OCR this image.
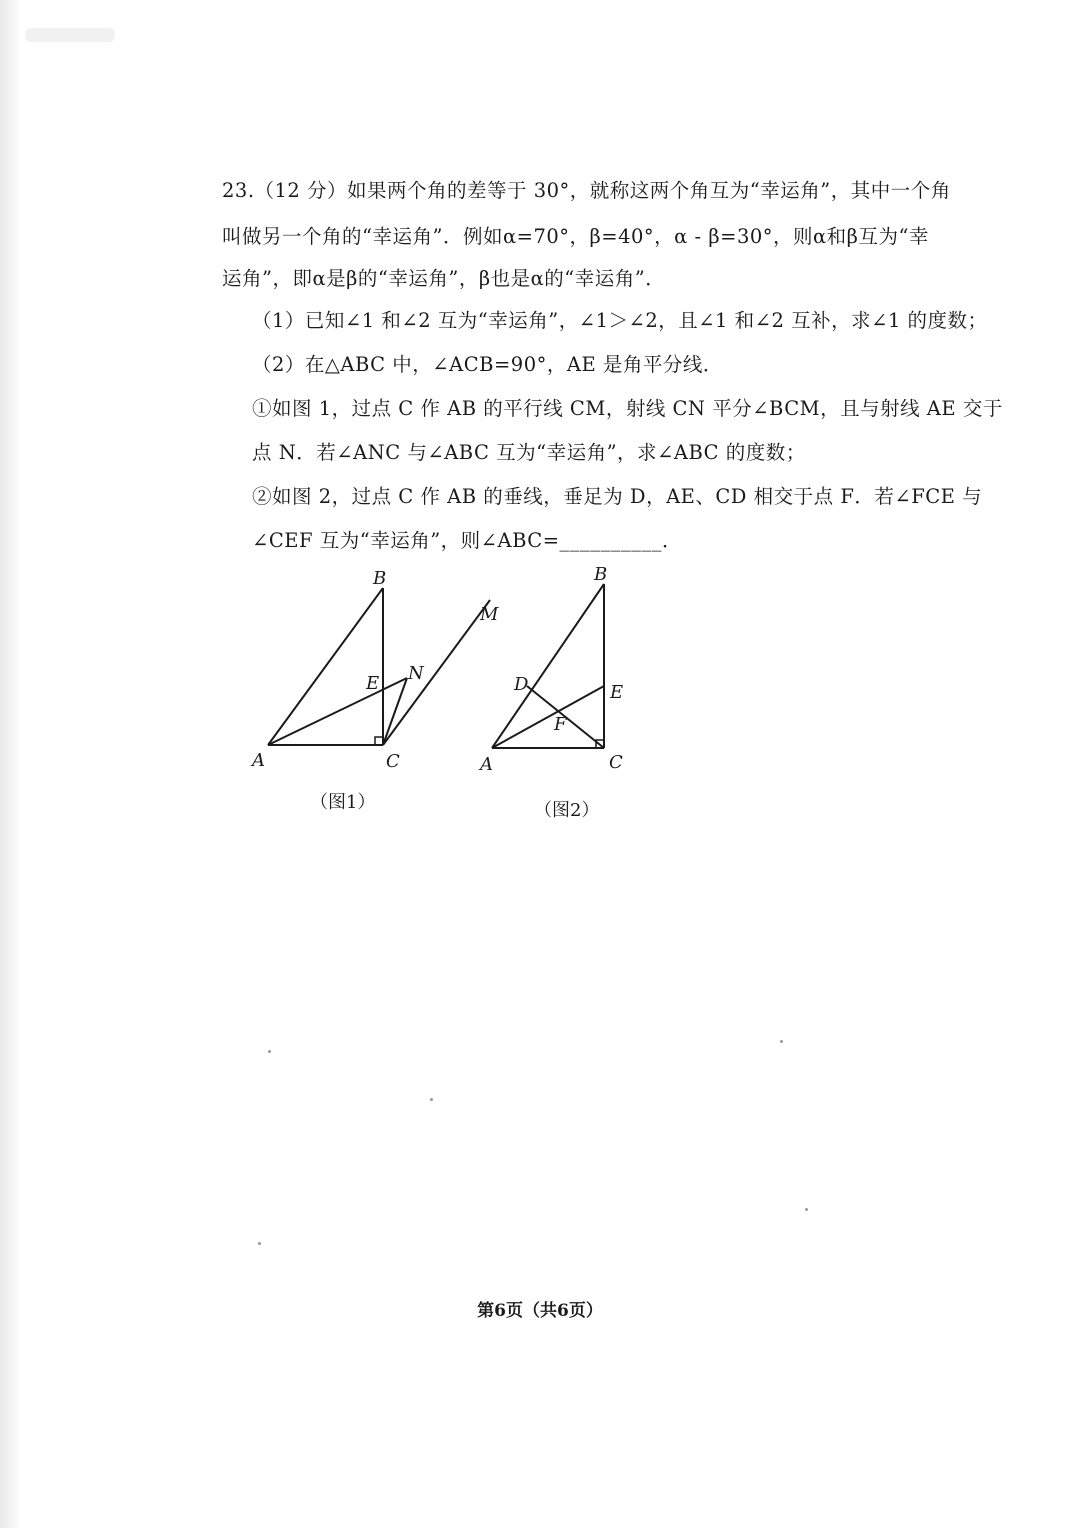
23.（12 分）如果两个角的差等于 30°，就称这两个角互为“幸运角”，其中一个角
叫做另一个角的“幸运角”．例如α=70°，β=40°，α - β=30°，则α和β互为“幸
运角”，即α是β的“幸运角”，β也是α的“幸运角”．
（1）已知∠1 和∠2 互为“幸运角”，∠1＞∠2，且∠1 和∠2 互补，求∠1 的度数；
（2）在△ABC 中，∠ACB=90°，AE 是角平分线．
①如图 1，过点 C 作 AB 的平行线 CM，射线 CN 平分∠BCM，且与射线 AE 交于
点 N．若∠ANC 与∠ABC 互为“幸运角”，求∠ABC 的度数；
②如图 2，过点 C 作 AB 的垂线，垂足为 D，AE、CD 相交于点 F．若∠FCE 与
∠CEF 互为“幸运角”，则∠ABC=__________．
B
A	C
E N
M
（图1）
B
A	C
D	E
F
（图2）
第6页（共6页）
